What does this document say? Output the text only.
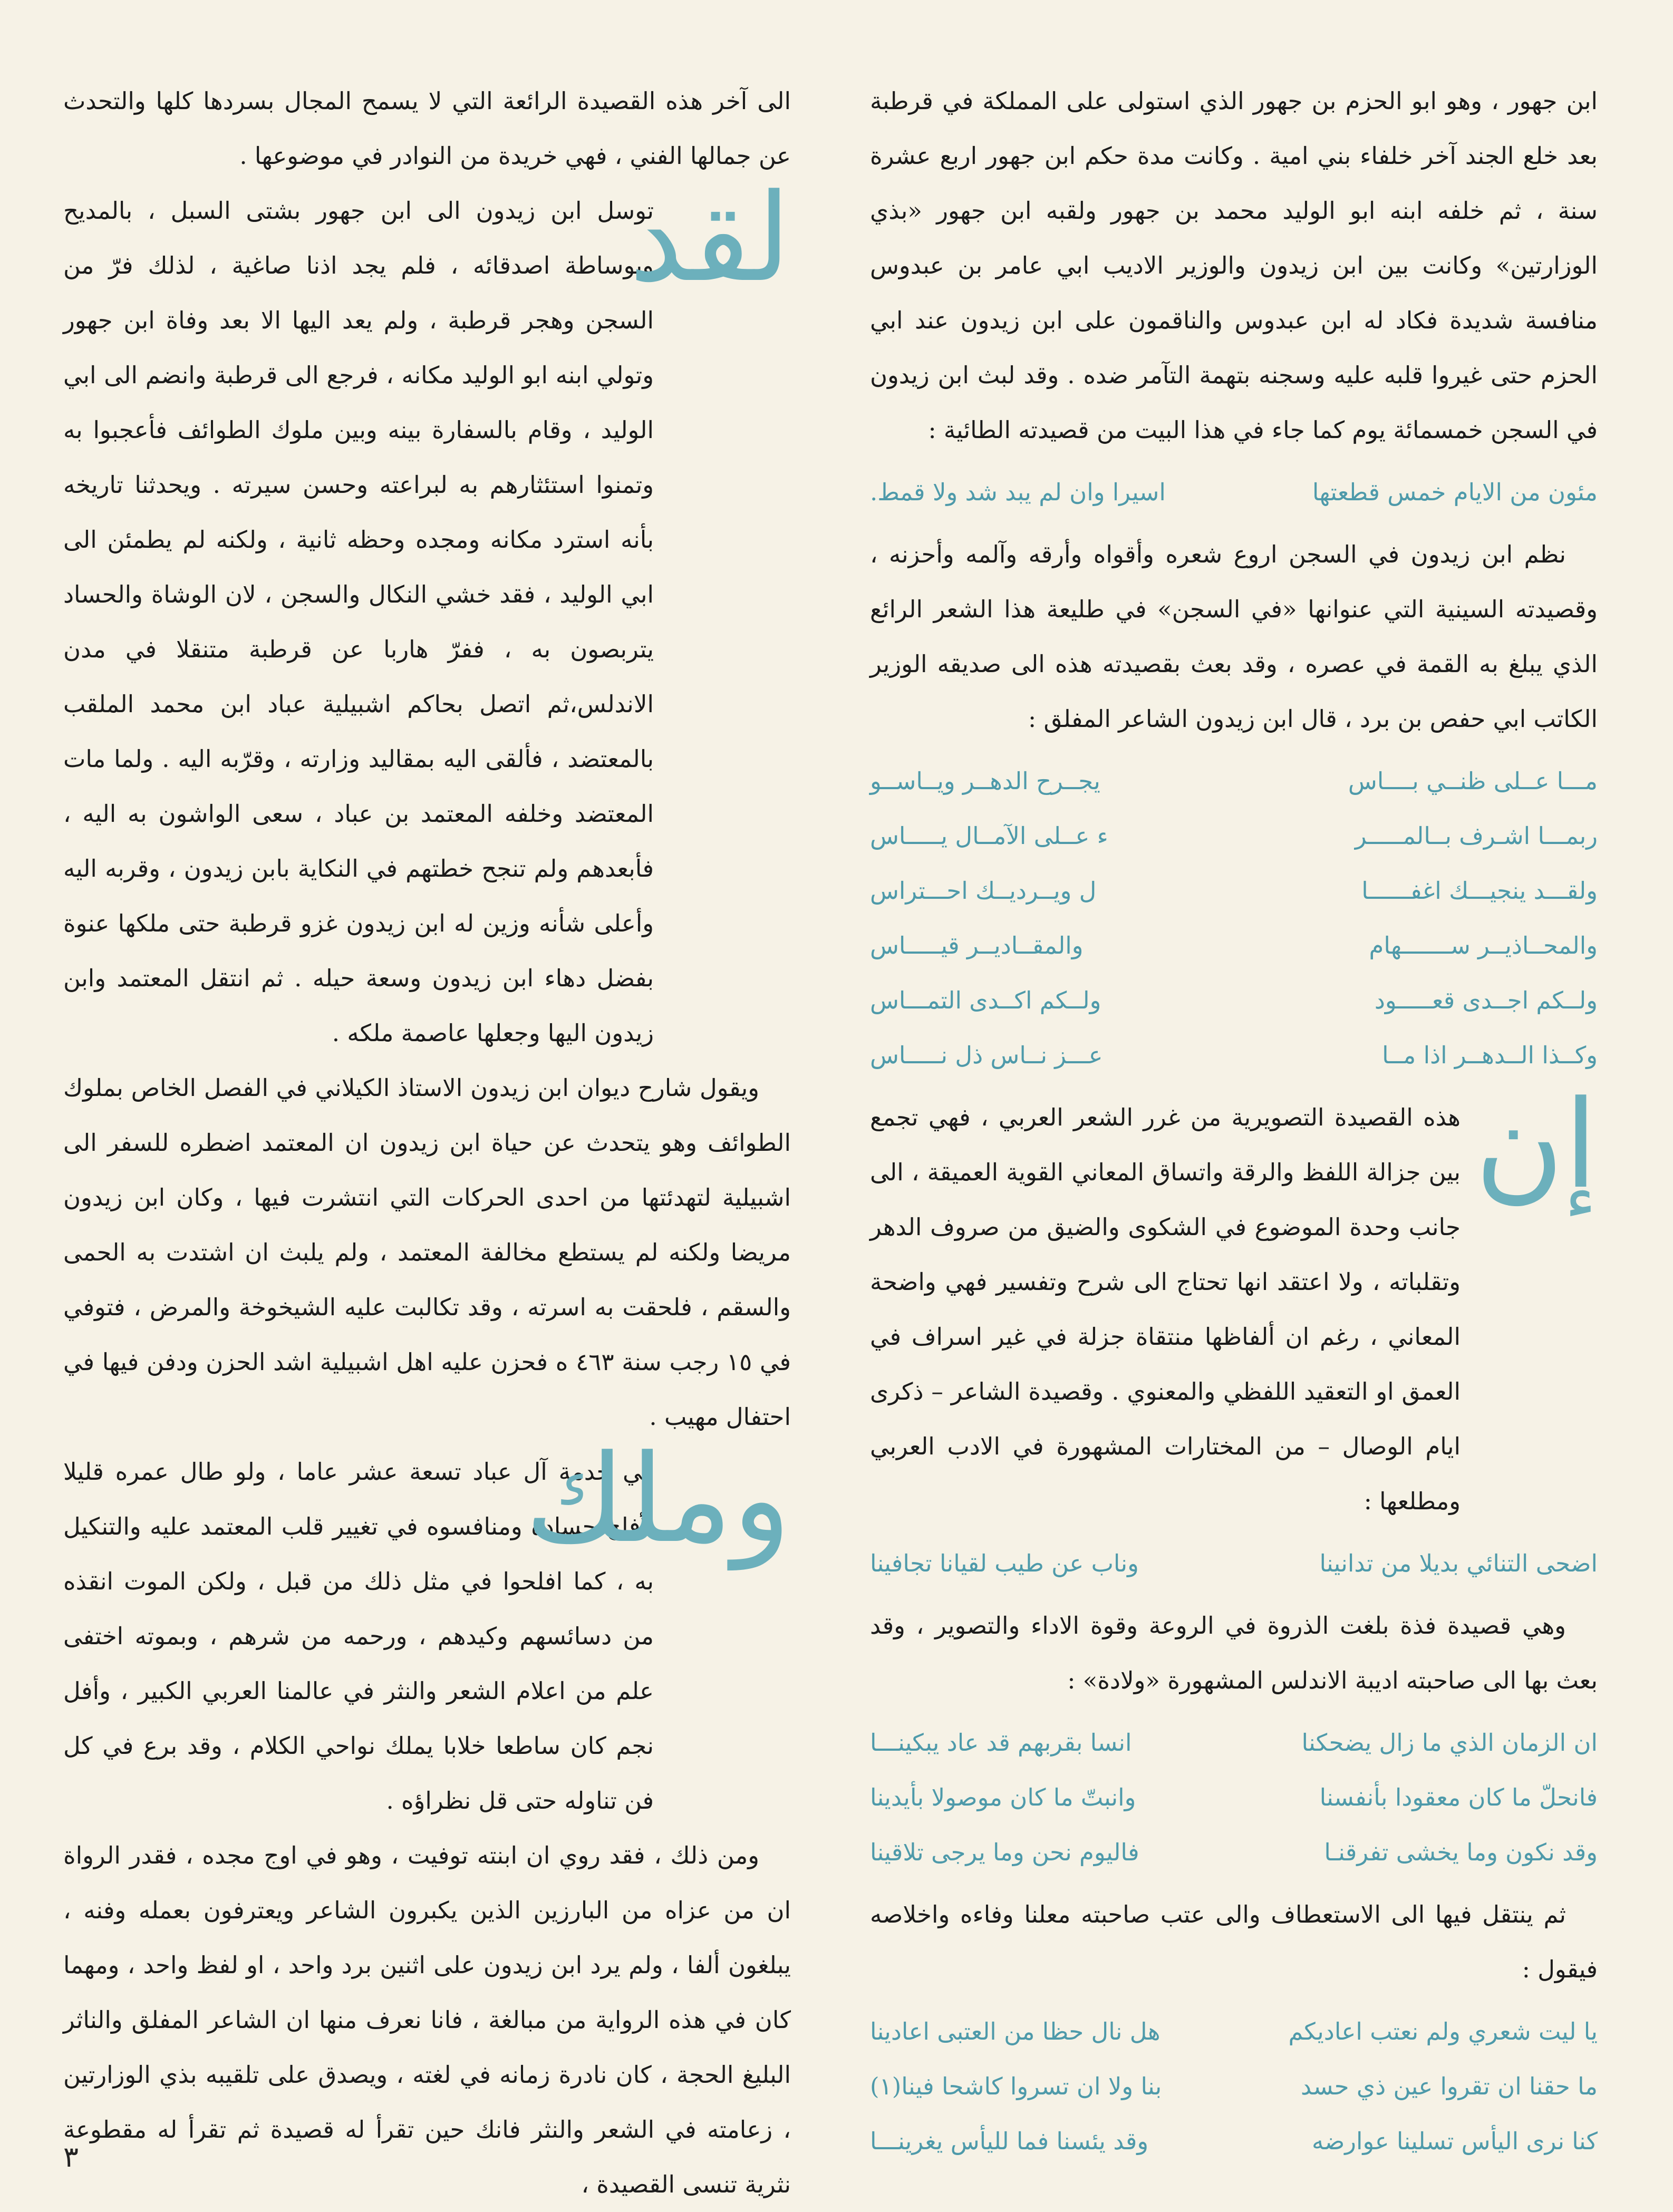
ابن جهور ، وهو ابو الحزم بن جهور الذي استولى على المملكة في قرطبة بعد خلع الجند آخر خلفاء بني امية . وكانت مدة حكم ابن جهور اربع عشرة سنة ، ثم خلفه ابنه ابو الوليد محمد بن جهور ولقبه ابن جهور «بذي الوزارتين» وكانت بين ابن زيدون والوزير الاديب ابي عامر بن عبدوس منافسة شديدة فكاد له ابن عبدوس والناقمون على ابن زيدون عند ابي الحزم حتى غيروا قلبه عليه وسجنه بتهمة التآمر ضده . وقد لبث ابن زيدون في السجن خمسمائة يوم كما جاء في هذا البيت من قصيدته الطائية :

مئون من الايام خمس قطعتها
اسيرا وان لم يبد شد ولا قمط.

نظم ابن زيدون في السجن اروع شعره وأقواه وأرقه وآلمه وأحزنه ، وقصيدته السينية التي عنوانها «في السجن» في طليعة هذا الشعر الرائع الذي يبلغ به القمة في عصره ، وقد بعث بقصيدته هذه الى صديقه الوزير الكاتب ابي حفص بن برد ، قال ابن زيدون الشاعر المفلق :

مـــا عــلى ظنــي بــــاس
يجــرح الدهــر ويــاســو
ربمـــا اشـرف بــالمـــــر
ء عــلى الآمــال يـــــاس
ولقـــد ينجيـــك اغفــــــا
ل ويــرديــك احـــتراس
والمحــاذيــر ســـــــهام
والمقــاديــر قيـــــاس
ولــكم اجــدى قعـــــود
ولــكم اكــدى التمـــاس
وكــذا الــدهــر اذا مــا
عـــز نــاس ذل نـــــاس
إن

هذه القصيدة التصويرية من غرر الشعر العربي ، فهي تجمع بين جزالة اللفظ والرقة واتساق المعاني القوية العميقة ، الى جانب وحدة الموضوع في الشكوى والضيق من صروف الدهر وتقلباته ، ولا اعتقد انها تحتاج الى شرح وتفسير فهي واضحة المعاني ، رغم ان ألفاظها منتقاة جزلة في غير اسراف في العمق او التعقيد اللفظي والمعنوي . وقصيدة الشاعر – ذكرى ايام الوصال – من المختارات المشهورة في الادب العربي ومطلعها :

اضحى التنائي بديلا من تدانينا
وناب عن طيب لقيانا تجافينا

وهي قصيدة فذة بلغت الذروة في الروعة وقوة الاداء والتصوير ، وقد بعث بها الى صاحبته اديبة الاندلس المشهورة «ولادة» :

ان الزمان الذي ما زال يضحكنا
انسا بقربهم قد عاد يبكينـــا
فانحلّ ما كان معقودا بأنفسنا
وانبتّ ما كان موصولا بأيدينا
وقد نكون وما يخشى تفرقنـا
فاليوم نحن وما يرجى تلاقينا

ثم ينتقل فيها الى الاستعطاف والى عتب صاحبته معلنا وفاءه واخلاصه فيقول :

يا ليت شعري ولم نعتب اعاديكم
هل نال حظا من العتبى اعادينا
ما حقنا ان تقروا عين ذي حسد
بنا ولا ان تسروا كاشحا فينا(١)
كنا نرى اليأس تسلينا عوارضه
وقد يئسنا فما لليأس يغرينـــا

الى آخر هذه القصيدة الرائعة التي لا يسمح المجال بسردها كلها والتحدث عن جمالها الفني ، فهي خريدة من النوادر في موضوعها .

لقد

توسل ابن زيدون الى ابن جهور بشتى السبل ، بالمديح وبوساطة اصدقائه ، فلم يجد اذنا صاغية ، لذلك فرّ من السجن وهجر قرطبة ، ولم يعد اليها الا بعد وفاة ابن جهور وتولي ابنه ابو الوليد مكانه ، فرجع الى قرطبة وانضم الى ابي الوليد ، وقام بالسفارة بينه وبين ملوك الطوائف فأعجبوا به وتمنوا استئثارهم به لبراعته وحسن سيرته . ويحدثنا تاريخه بأنه استرد مكانه ومجده وحظه ثانية ، ولكنه لم يطمئن الى ابي الوليد ، فقد خشي النكال والسجن ، لان الوشاة والحساد يتربصون به ، ففرّ هاربا عن قرطبة متنقلا في مدن الاندلس،ثم اتصل بحاكم اشبيلية عباد ابن محمد الملقب بالمعتضد ، فألقى اليه بمقاليد وزارته ، وقرّبه اليه . ولما مات المعتضد وخلفه المعتمد بن عباد ، سعى الواشون به اليه ، فأبعدهم ولم تنجح خطتهم في النكاية بابن زيدون ، وقربه اليه وأعلى شأنه وزين له ابن زيدون غزو قرطبة حتى ملكها عنوة بفضل دهاء ابن زيدون وسعة حيله . ثم انتقل المعتمد وابن زيدون اليها وجعلها عاصمة ملكه .

ويقول شارح ديوان ابن زيدون الاستاذ الكيلاني في الفصل الخاص بملوك الطوائف وهو يتحدث عن حياة ابن زيدون ان المعتمد اضطره للسفر الى اشبيلية لتهدئتها من احدى الحركات التي انتشرت فيها ، وكان ابن زيدون مريضا ولكنه لم يستطع مخالفة المعتمد ، ولم يلبث ان اشتدت به الحمى والسقم ، فلحقت به اسرته ، وقد تكالبت عليه الشيخوخة والمرض ، فتوفي في ١٥ رجب سنة ٤٦٣ ه فحزن عليه اهل اشبيلية اشد الحزن ودفن فيها في احتفال مهيب .

وملك

في خدمة آل عباد تسعة عشر عاما ، ولو طال عمره قليلا لأفلح حساده ومنافسوه في تغيير قلب المعتمد عليه والتنكيل به ، كما افلحوا في مثل ذلك من قبل ، ولكن الموت انقذه من دسائسهم وكيدهم ، ورحمه من شرهم ، وبموته اختفى علم من اعلام الشعر والنثر في عالمنا العربي الكبير ، وأفل نجم كان ساطعا خلابا يملك نواحي الكلام ، وقد برع في كل فن تناوله حتى قل نظراؤه .

ومن ذلك ، فقد روي ان ابنته توفيت ، وهو في اوج مجده ، فقدر الرواة ان من عزاه من البارزين الذين يكبرون الشاعر ويعترفون بعمله وفنه ، يبلغون ألفا ، ولم يرد ابن زيدون على اثنين برد واحد ، او لفظ واحد ، ومهما كان في هذه الرواية من مبالغة ، فانا نعرف منها ان الشاعر المفلق والناثر البليغ الحجة ، كان نادرة زمانه في لغته ، ويصدق على تلقيبه بذي الوزارتين ، زعامته في الشعر والنثر فانك حين تقرأ له قصيدة ثم تقرأ له مقطوعة نثرية تنسى القصيدة ،

٣
